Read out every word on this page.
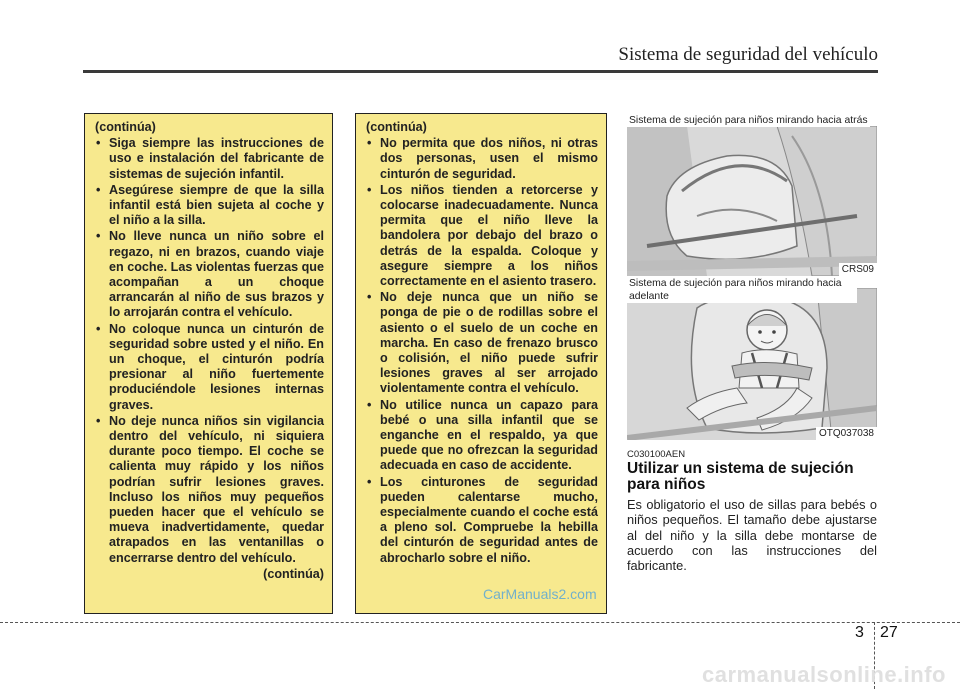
Sistema de seguridad del vehículo
(continúa)
• Siga siempre las instrucciones de uso e instalación del fabricante de sistemas de sujeción infantil.
• Asegúrese siempre de que la silla infantil está bien sujeta al coche y el niño a la silla.
• No lleve nunca un niño sobre el regazo, ni en brazos, cuando viaje en coche. Las violentas fuerzas que acompañan a un choque arrancarán al niño de sus brazos y lo arrojarán contra el vehículo.
• No coloque nunca un cinturón de seguridad sobre usted y el niño. En un choque, el cinturón podría presionar al niño fuertemente produciéndole lesiones internas graves.
• No deje nunca niños sin vigilancia dentro del vehículo, ni siquiera durante poco tiempo. El coche se calienta muy rápido y los niños podrían sufrir lesiones graves. Incluso los niños muy pequeños pueden hacer que el vehículo se mueva inadvertidamente, quedar atrapados en las ventanillas o encerrarse dentro del vehículo.
(continúa)
(continúa)
• No permita que dos niños, ni otras dos personas, usen el mismo cinturón de seguridad.
• Los niños tienden a retorcerse y colocarse inadecuadamente. Nunca permita que el niño lleve la bandolera por debajo del brazo o detrás de la espalda. Coloque y asegure siempre a los niños correctamente en el asiento trasero.
• No deje nunca que un niño se ponga de pie o de rodillas sobre el asiento o el suelo de un coche en marcha. En caso de frenazo brusco o colisión, el niño puede sufrir lesiones graves al ser arrojado violentamente contra el vehículo.
• No utilice nunca un capazo para bebé o una silla infantil que se enganche en el respaldo, ya que puede que no ofrezcan la seguridad adecuada en caso de accidente.
• Los cinturones de seguridad pueden calentarse mucho, especialmente cuando el coche está a pleno sol. Compruebe la hebilla del cinturón de seguridad antes de abrocharlo sobre el niño.
CRS09
Sistema de sujeción para niños mirando hacia atrás
OTQ037038
Sistema de sujeción para niños mirando hacia adelante
C030100AEN
Utilizar un sistema de sujeción para niños
Es obligatorio el uso de sillas para bebés o niños pequeños. El tamaño debe ajustarse al del niño y la silla debe montarse de acuerdo con las instrucciones del fabricante.
CarManuals2.com
3 27
carmanualsonline.info
